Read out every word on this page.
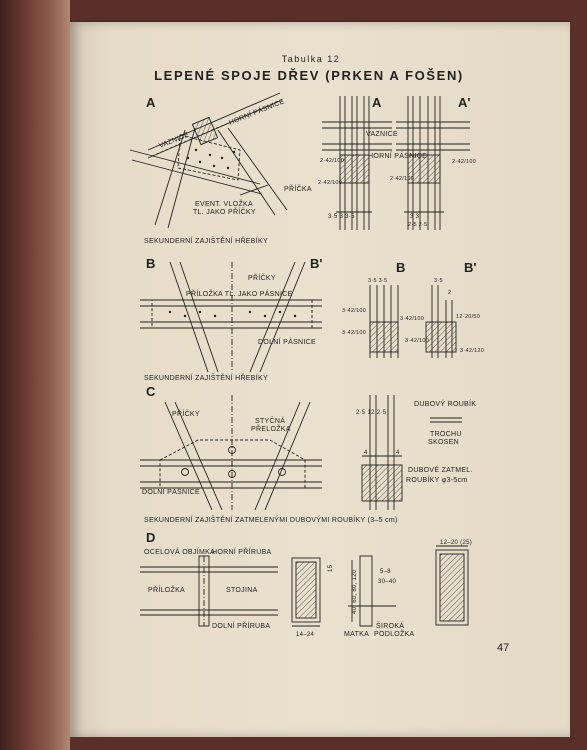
Tabulka 12
LEPENÉ SPOJE DŘEV (PRKEN A FOŠEN)
A	A	A'
B	B'	B	B'
C
D
HORNÍ PÁSNICE
VAZNICE	VAZNICE
HORNÍ PÁSNICE
PŘÍČKA
EVENT. VLOŽKA
TL. JAKO PŘÍČKY
2·42/100
2·42/100
2·42/100
2·42/100
3·5 3 3·5	3 3
2·5 2·5
SEKUNDERNÍ ZAJIŠTĚNÍ HŘEBÍKY
PŘÍČKY
PŘÍLOŽKA TL. JAKO PÁSNICE
DOLNÍ PÁSNICE
3·5 3·5	3·5
3·42/100
3·42/100
3·42/100
2
12·20/50
3·42/100
3·42/120
SEKUNDERNÍ ZAJIŠTĚNÍ HŘEBÍKY
PŘÍČKY
STYČNÁ
PŘELOŽKA
DOLNÍ PÁSNICE
2·5 12 2·5
DUBOVÝ ROUBÍK
TROCHU
SKOSEN
DUBOVÉ ZATMEL.
ROUBÍKY φ3-5cm
4	4
SEKUNDERNÍ ZAJIŠTĚNÍ ZATMELENÝMI DUBOVÝMI ROUBÍKY (3–5 cm)
OCELOVÁ OBJÍMKA
HORNÍ PŘÍRUBA
PŘÍLOŽKA	STOJINA
DOLNÍ PŘÍRUBA
14–24
15
40, 60, 80, 120	5–8
30–40
MATKA
ŠIROKÁ
PODLOŽKA
12–20 (25)
47
